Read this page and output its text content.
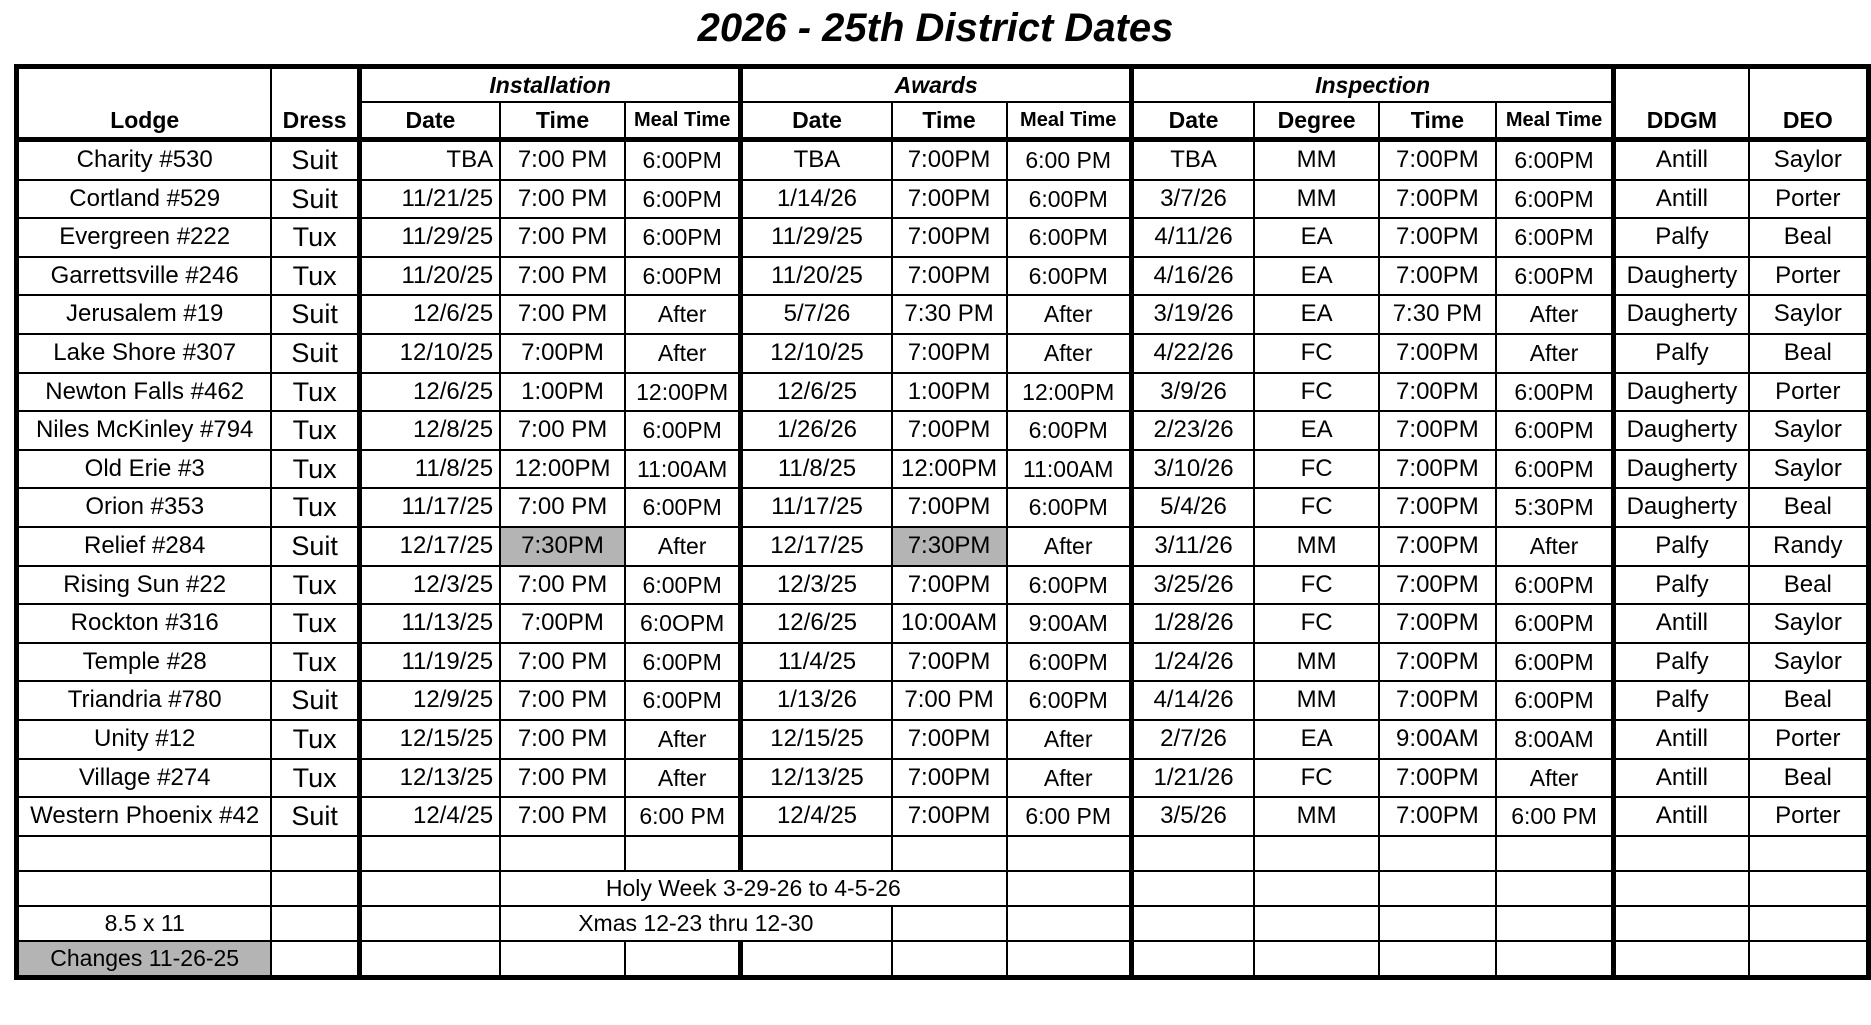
2026 - 25th District Dates
		Installation			Awards			Inspection					
Lodge	Dress	Date	Time	Meal Time	Date	Time	Meal Time	Date	Degree	Time	Meal Time	DDGM	DEO
Charity #530	Suit	TBA	7:00 PM	6:00PM	TBA	7:00PM	6:00 PM	TBA	MM	7:00PM	6:00PM	Antill	Saylor
Cortland #529	Suit	11/21/25	7:00 PM	6:00PM	1/14/26	7:00PM	6:00PM	3/7/26	MM	7:00PM	6:00PM	Antill	Porter
Evergreen #222	Tux	11/29/25	7:00 PM	6:00PM	11/29/25	7:00PM	6:00PM	4/11/26	EA	7:00PM	6:00PM	Palfy	Beal
Garrettsville #246	Tux	11/20/25	7:00 PM	6:00PM	11/20/25	7:00PM	6:00PM	4/16/26	EA	7:00PM	6:00PM	Daugherty	Porter
Jerusalem #19	Suit	12/6/25	7:00 PM	After	5/7/26	7:30 PM	After	3/19/26	EA	7:30 PM	After	Daugherty	Saylor
Lake Shore #307	Suit	12/10/25	7:00PM	After	12/10/25	7:00PM	After	4/22/26	FC	7:00PM	After	Palfy	Beal
Newton Falls #462	Tux	12/6/25	1:00PM	12:00PM	12/6/25	1:00PM	12:00PM	3/9/26	FC	7:00PM	6:00PM	Daugherty	Porter
Niles McKinley #794	Tux	12/8/25	7:00 PM	6:00PM	1/26/26	7:00PM	6:00PM	2/23/26	EA	7:00PM	6:00PM	Daugherty	Saylor
Old Erie #3	Tux	11/8/25	12:00PM	11:00AM	11/8/25	12:00PM	11:00AM	3/10/26	FC	7:00PM	6:00PM	Daugherty	Saylor
Orion #353	Tux	11/17/25	7:00 PM	6:00PM	11/17/25	7:00PM	6:00PM	5/4/26	FC	7:00PM	5:30PM	Daugherty	Beal
Relief #284	Suit	12/17/25	7:30PM	After	12/17/25	7:30PM	After	3/11/26	MM	7:00PM	After	Palfy	Randy
Rising Sun #22	Tux	12/3/25	7:00 PM	6:00PM	12/3/25	7:00PM	6:00PM	3/25/26	FC	7:00PM	6:00PM	Palfy	Beal
Rockton #316	Tux	11/13/25	7:00PM	6:0OPM	12/6/25	10:00AM	9:00AM	1/28/26	FC	7:00PM	6:00PM	Antill	Saylor
Temple #28	Tux	11/19/25	7:00 PM	6:00PM	11/4/25	7:00PM	6:00PM	1/24/26	MM	7:00PM	6:00PM	Palfy	Saylor
Triandria #780	Suit	12/9/25	7:00 PM	6:00PM	1/13/26	7:00 PM	6:00PM	4/14/26	MM	7:00PM	6:00PM	Palfy	Beal
Unity #12	Tux	12/15/25	7:00 PM	After	12/15/25	7:00PM	After	2/7/26	EA	9:00AM	8:00AM	Antill	Porter
Village #274	Tux	12/13/25	7:00 PM	After	12/13/25	7:00PM	After	1/21/26	FC	7:00PM	After	Antill	Beal
Western Phoenix #42	Suit	12/4/25	7:00 PM	6:00 PM	12/4/25	7:00PM	6:00 PM	3/5/26	MM	7:00PM	6:00 PM	Antill	Porter

			Holy Week 3-29-26 to 4-5-26										
8.5 x 11			Xmas 12-23 thru 12-30										
Changes 11-26-25													
